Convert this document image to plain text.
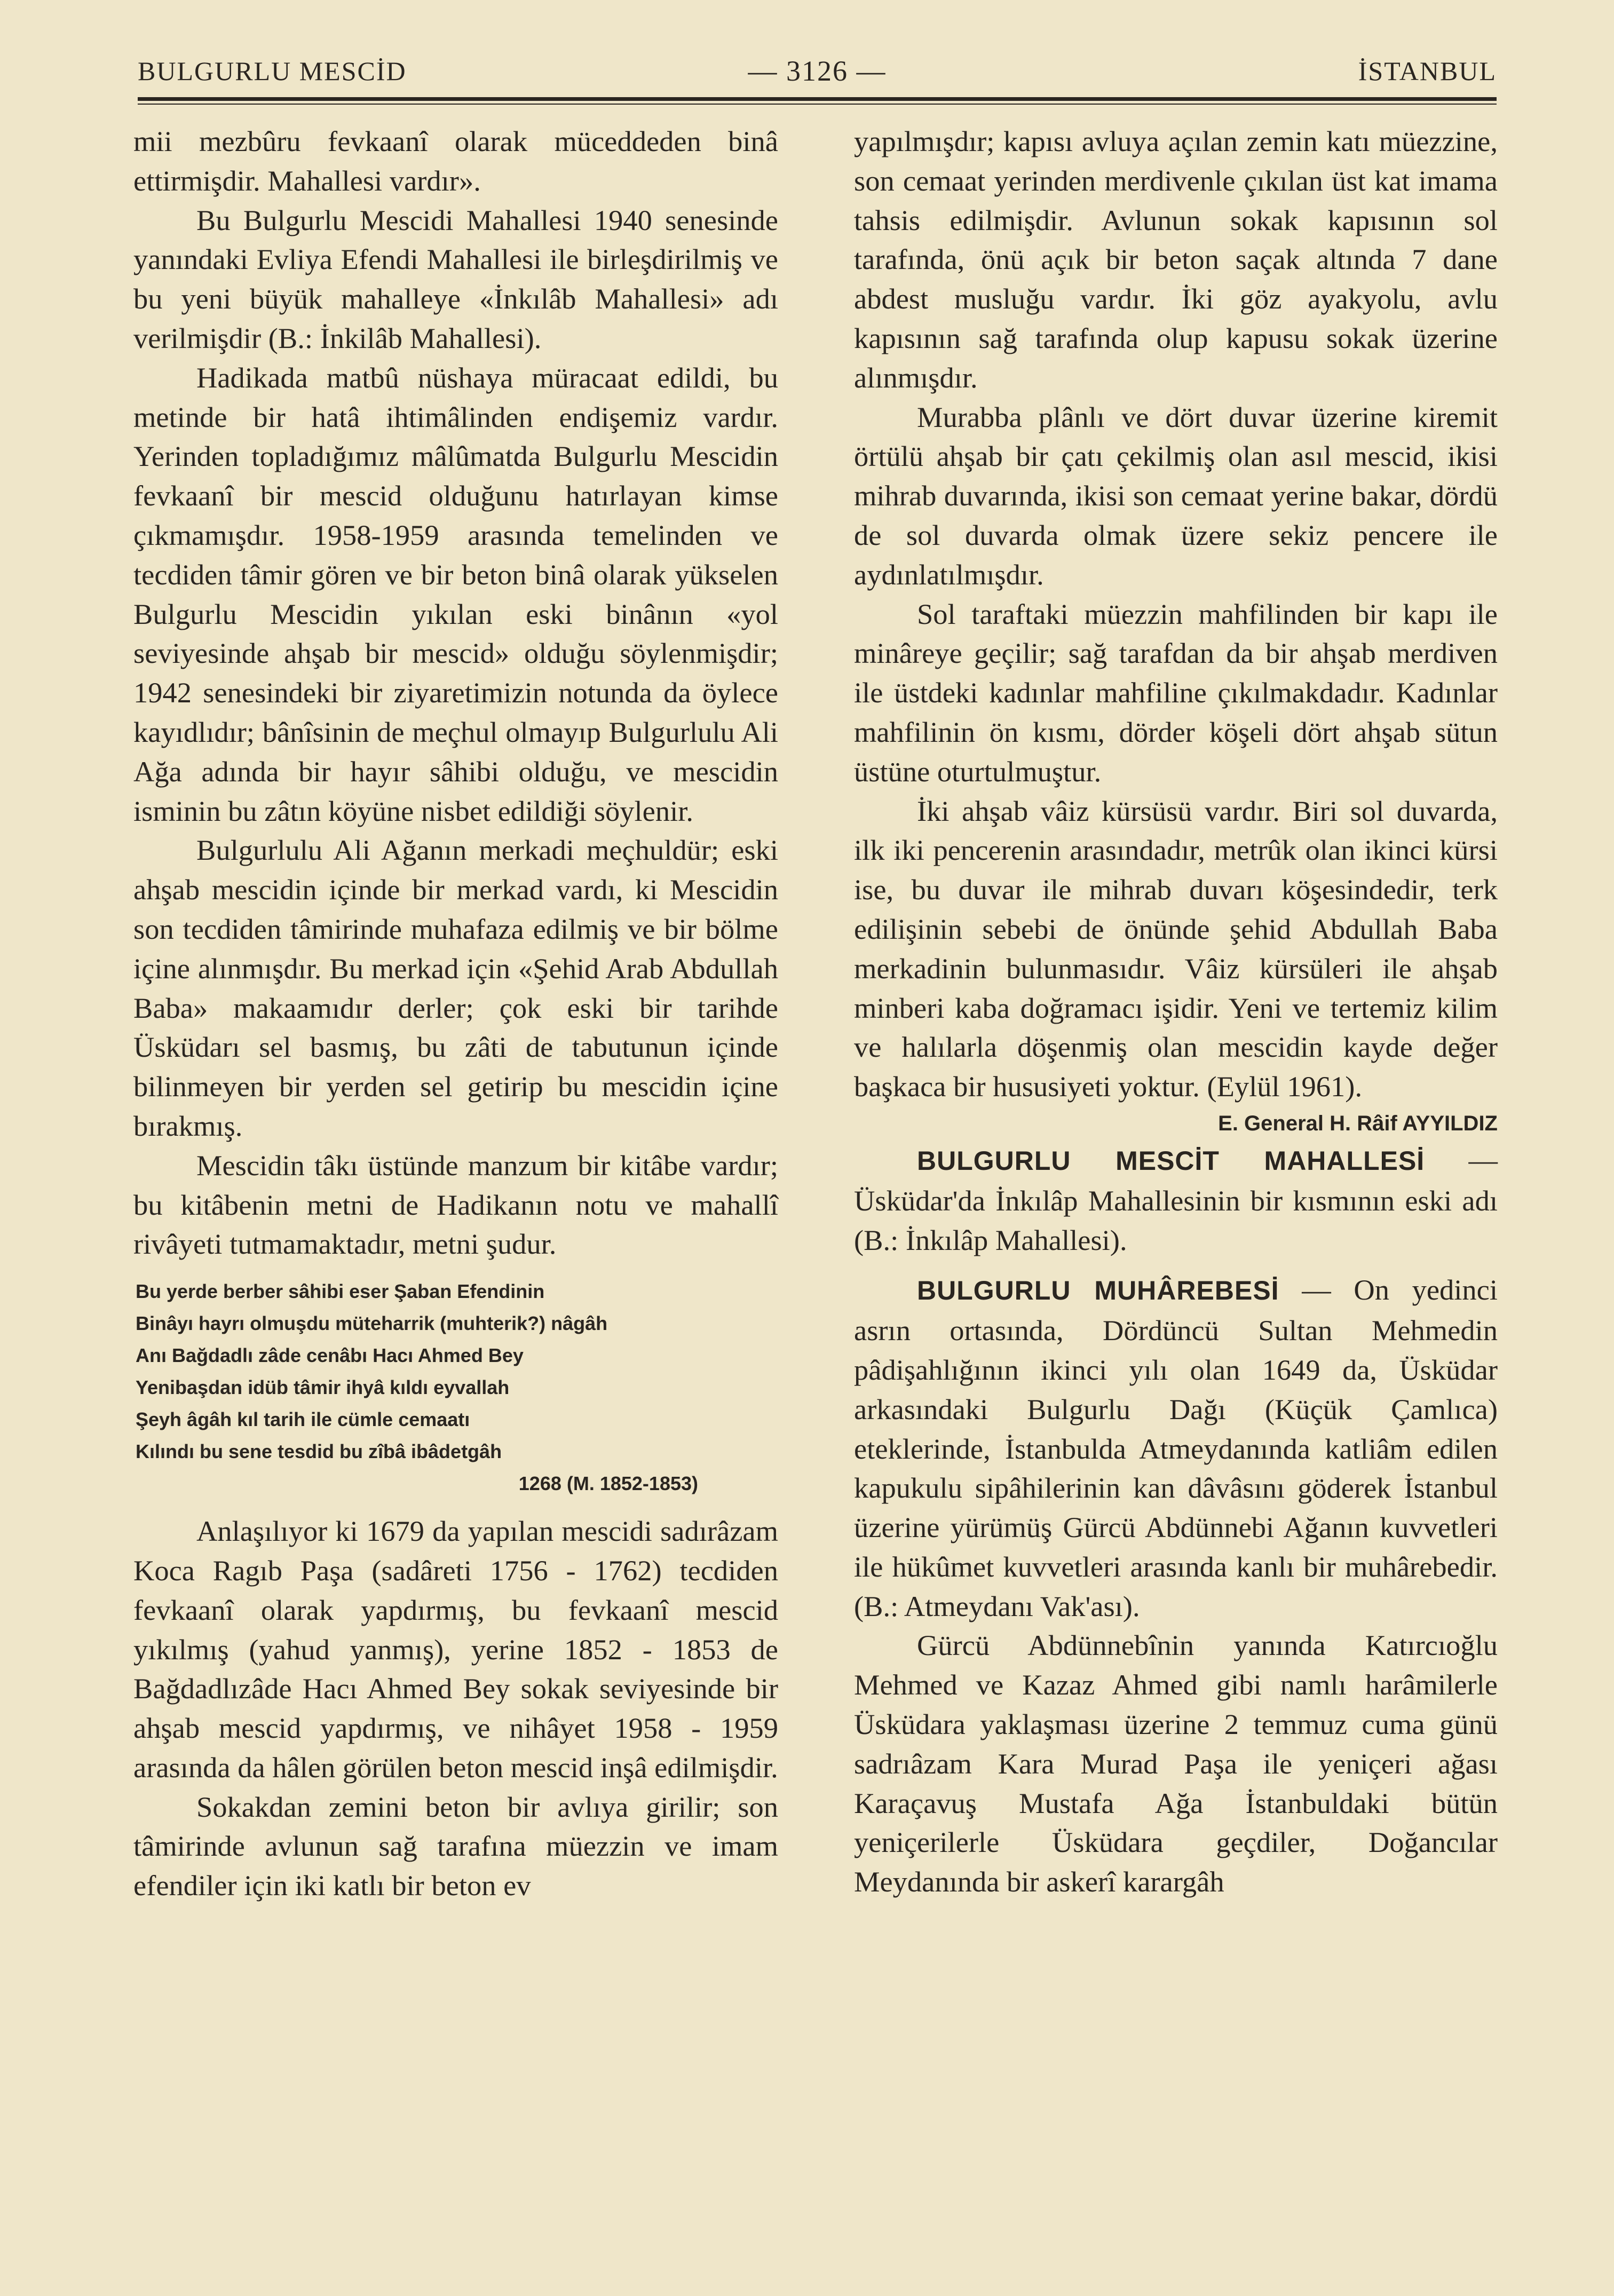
BULGURLU MESCİD	— 3126 —	İSTANBUL

mii mezbûru fevkaanî olarak müceddeden binâ ettirmişdir. Mahallesi vardır».

Bu Bulgurlu Mescidi Mahallesi 1940 senesinde yanındaki Evliya Efendi Mahallesi ile birleşdirilmiş ve bu yeni büyük mahalleye «İnkılâb Mahallesi» adı verilmişdir (B.: İnkilâb Mahallesi).

Hadikada matbû nüshaya müracaat edildi, bu metinde bir hatâ ihtimâlinden endişemiz vardır. Yerinden topladığımız mâlûmatda Bulgurlu Mescidin fevkaanî bir mescid olduğunu hatırlayan kimse çıkmamışdır. 1958-1959 arasında temelinden ve tecdiden tâmir gören ve bir beton binâ olarak yükselen Bulgurlu Mescidin yıkılan eski binânın «yol seviyesinde ahşab bir mescid» olduğu söylenmişdir; 1942 senesindeki bir ziyaretimizin notunda da öylece kayıdlıdır; bânîsinin de meçhul olmayıp Bulgurlulu Ali Ağa adında bir hayır sâhibi olduğu, ve mescidin isminin bu zâtın köyüne nisbet edildiği söylenir.

Bulgurlulu Ali Ağanın merkadi meçhuldür; eski ahşab mescidin içinde bir merkad vardı, ki Mescidin son tecdiden tâmirinde muhafaza edilmiş ve bir bölme içine alınmışdır. Bu merkad için «Şehid Arab Abdullah Baba» makaamıdır derler; çok eski bir tarihde Üsküdarı sel basmış, bu zâti de tabutunun içinde bilinmeyen bir yerden sel getirip bu mescidin içine bırakmış.

Mescidin tâkı üstünde manzum bir kitâbe vardır; bu kitâbenin metni de Hadikanın notu ve mahallî rivâyeti tutmamaktadır, metni şudur.

Bu yerde berber sâhibi eser Şaban Efendinin
Binâyı hayrı olmuşdu müteharrik (muhterik?) nâgâh
Anı Bağdadlı zâde cenâbı Hacı Ahmed Bey
Yenibaşdan idüb tâmir ihyâ kıldı eyvallah
Şeyh âgâh kıl tarih ile cümle cemaatı
Kılındı bu sene tesdid bu zîbâ ibâdetgâh
1268 (M. 1852-1853)

Anlaşılıyor ki 1679 da yapılan mescidi sadırâzam Koca Ragıb Paşa (sadâreti 1756 - 1762) tecdiden fevkaanî olarak yapdırmış, bu fevkaanî mescid yıkılmış (yahud yanmış), yerine 1852 - 1853 de Bağdadlızâde Hacı Ahmed Bey sokak seviyesinde bir ahşab mescid yapdırmış, ve nihâyet 1958 - 1959 arasında da hâlen görülen beton mescid inşâ edilmişdir.

Sokakdan zemini beton bir avlıya girilir; son tâmirinde avlunun sağ tarafına müezzin ve imam efendiler için iki katlı bir beton ev

yapılmışdır; kapısı avluya açılan zemin katı müezzine, son cemaat yerinden merdivenle çıkılan üst kat imama tahsis edilmişdir. Avlunun sokak kapısının sol tarafında, önü açık bir beton saçak altında 7 dane abdest musluğu vardır. İki göz ayakyolu, avlu kapısının sağ tarafında olup kapusu sokak üzerine alınmışdır.

Murabba plânlı ve dört duvar üzerine kiremit örtülü ahşab bir çatı çekilmiş olan asıl mescid, ikisi mihrab duvarında, ikisi son cemaat yerine bakar, dördü de sol duvarda olmak üzere sekiz pencere ile aydınlatılmışdır.

Sol taraftaki müezzin mahfilinden bir kapı ile minâreye geçilir; sağ tarafdan da bir ahşab merdiven ile üstdeki kadınlar mahfiline çıkılmakdadır. Kadınlar mahfilinin ön kısmı, dörder köşeli dört ahşab sütun üstüne oturtulmuştur.

İki ahşab vâiz kürsüsü vardır. Biri sol duvarda, ilk iki pencerenin arasındadır, metrûk olan ikinci kürsi ise, bu duvar ile mihrab duvarı köşesindedir, terk edilişinin sebebi de önünde şehid Abdullah Baba merkadinin bulunmasıdır. Vâiz kürsüleri ile ahşab minberi kaba doğramacı işidir. Yeni ve tertemiz kilim ve halılarla döşenmiş olan mescidin kayde değer başkaca bir hususiyeti yoktur. (Eylül 1961).

E. General H. Râif AYYILDIZ

BULGURLU MESCİT MAHALLESİ — Üsküdar'da İnkılâp Mahallesinin bir kısmının eski adı (B.: İnkılâp Mahallesi).

BULGURLU MUHÂREBESİ — On yedinci asrın ortasında, Dördüncü Sultan Mehmedin pâdişahlığının ikinci yılı olan 1649 da, Üsküdar arkasındaki Bulgurlu Dağı (Küçük Çamlıca) eteklerinde, İstanbulda Atmeydanında katliâm edilen kapukulu sipâhilerinin kan dâvâsını göderek İstanbul üzerine yürümüş Gürcü Abdünnebi Ağanın kuvvetleri ile hükûmet kuvvetleri arasında kanlı bir muhârebedir. (B.: Atmeydanı Vak'ası).

Gürcü Abdünnebînin yanında Katırcıoğlu Mehmed ve Kazaz Ahmed gibi namlı harâmilerle Üsküdara yaklaşması üzerine 2 temmuz cuma günü sadrıâzam Kara Murad Paşa ile yeniçeri ağası Karaçavuş Mustafa Ağa İstanbuldaki bütün yeniçerilerle Üsküdara geçdiler, Doğancılar Meydanında bir askerî karargâh
